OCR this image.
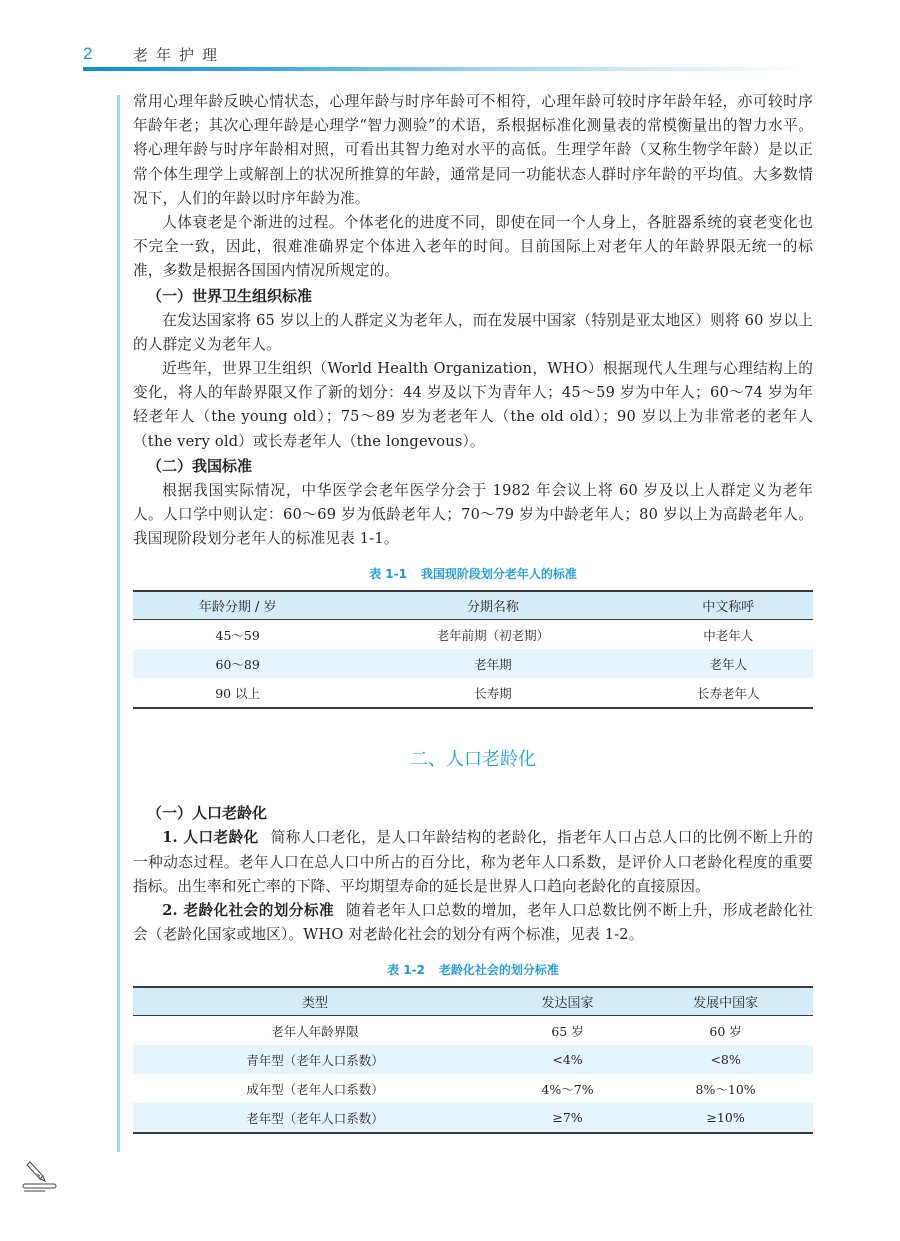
2	老年护理

常用心理年龄反映心情状态，心理年龄与时序年龄可不相符，心理年龄可较时序年龄年轻，亦可较时序年龄年老；其次心理年龄是心理学“智力测验”的术语，系根据标准化测量表的常模衡量出的智力水平。将心理年龄与时序年龄相对照，可看出其智力绝对水平的高低。生理学年龄（又称生物学年龄）是以正常个体生理学上或解剖上的状况所推算的年龄，通常是同一功能状态人群时序年龄的平均值。大多数情况下，人们的年龄以时序年龄为准。

人体衰老是个渐进的过程。个体老化的进度不同，即使在同一个人身上，各脏器系统的衰老变化也不完全一致，因此，很难准确界定个体进入老年的时间。目前国际上对老年人的年龄界限无统一的标准，多数是根据各国国内情况所规定的。

（一）世界卫生组织标准

在发达国家将 65 岁以上的人群定义为老年人，而在发展中国家（特别是亚太地区）则将 60 岁以上的人群定义为老年人。

近些年，世界卫生组织（World Health Organization，WHO）根据现代人生理与心理结构上的变化，将人的年龄界限又作了新的划分：44 岁及以下为青年人；45～59 岁为中年人；60～74 岁为年轻老年人（the young old）；75～89 岁为老老年人（the old old）；90 岁以上为非常老的老年人（the very old）或长寿老年人（the longevous）。

（二）我国标准

根据我国实际情况，中华医学会老年医学分会于 1982 年会议上将 60 岁及以上人群定义为老年人。人口学中则认定：60～69 岁为低龄老年人；70～79 岁为中龄老年人；80 岁以上为高龄老年人。我国现阶段划分老年人的标准见表 1-1。

表 1-1 我国现阶段划分老年人的标准

年龄分期 / 岁	分期名称	中文称呼
45～59	老年前期（初老期）	中老年人
60～89	老年期	老年人
90 以上	长寿期	长寿老年人

二、人口老龄化

（一）人口老龄化

1. 人口老龄化 简称人口老化，是人口年龄结构的老龄化，指老年人口占总人口的比例不断上升的一种动态过程。老年人口在总人口中所占的百分比，称为老年人口系数，是评价人口老龄化程度的重要指标。出生率和死亡率的下降、平均期望寿命的延长是世界人口趋向老龄化的直接原因。

2. 老龄化社会的划分标准 随着老年人口总数的增加，老年人口总数比例不断上升，形成老龄化社会（老龄化国家或地区）。WHO 对老龄化社会的划分有两个标准，见表 1-2。

表 1-2 老龄化社会的划分标准

类型	发达国家	发展中国家
老年人年龄界限	65 岁	60 岁
青年型（老年人口系数）	<4%	<8%
成年型（老年人口系数）	4%～7%	8%～10%
老年型（老年人口系数）	≥7%	≥10%
